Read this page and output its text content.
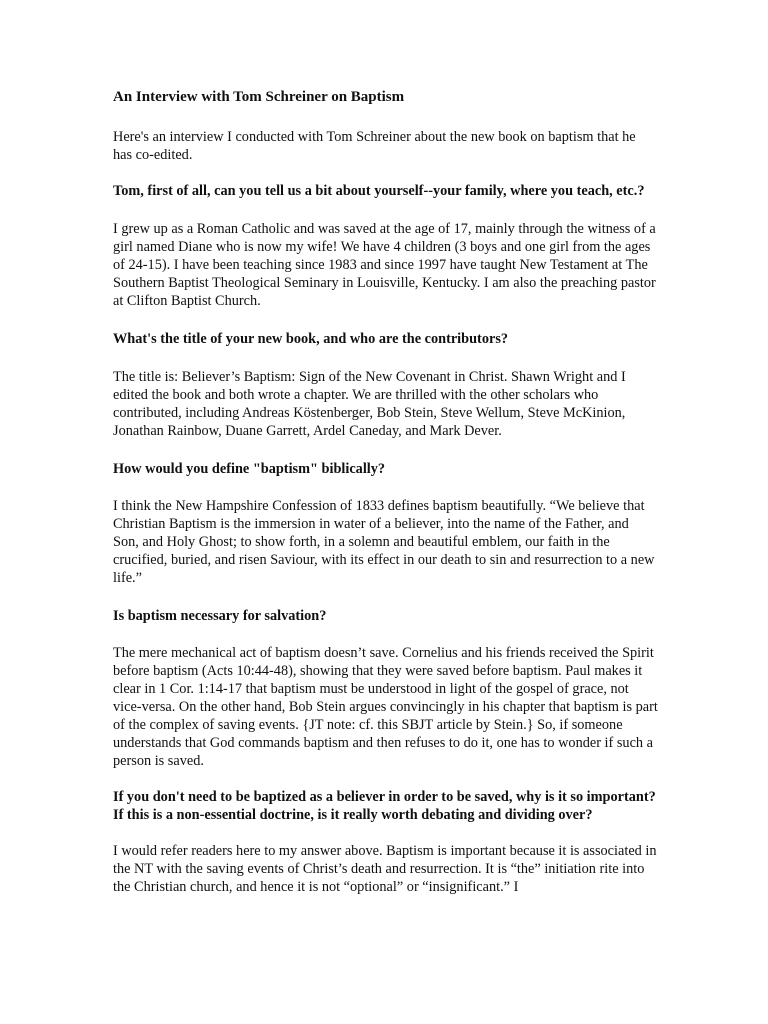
An Interview with Tom Schreiner on Baptism

Here's an interview I conducted with Tom Schreiner about the new book on baptism that he has co-edited.

Tom, first of all, can you tell us a bit about yourself--your family, where you teach, etc.?

I grew up as a Roman Catholic and was saved at the age of 17, mainly through the witness of a girl named Diane who is now my wife! We have 4 children (3 boys and one girl from the ages of 24-15). I have been teaching since 1983 and since 1997 have taught New Testament at The Southern Baptist Theological Seminary in Louisville, Kentucky. I am also the preaching pastor at Clifton Baptist Church.

What's the title of your new book, and who are the contributors?

The title is: Believer’s Baptism: Sign of the New Covenant in Christ. Shawn Wright and I edited the book and both wrote a chapter. We are thrilled with the other scholars who contributed, including Andreas Köstenberger, Bob Stein, Steve Wellum, Steve McKinion, Jonathan Rainbow, Duane Garrett, Ardel Caneday, and Mark Dever.

How would you define "baptism" biblically?

I think the New Hampshire Confession of 1833 defines baptism beautifully. “We believe that Christian Baptism is the immersion in water of a believer, into the name of the Father, and Son, and Holy Ghost; to show forth, in a solemn and beautiful emblem, our faith in the crucified, buried, and risen Saviour, with its effect in our death to sin and resurrection to a new life.”

Is baptism necessary for salvation?

The mere mechanical act of baptism doesn’t save. Cornelius and his friends received the Spirit before baptism (Acts 10:44-48), showing that they were saved before baptism. Paul makes it clear in 1 Cor. 1:14-17 that baptism must be understood in light of the gospel of grace, not vice-versa. On the other hand, Bob Stein argues convincingly in his chapter that baptism is part of the complex of saving events. {JT note: cf. this SBJT article by Stein.} So, if someone understands that God commands baptism and then refuses to do it, one has to wonder if such a person is saved.

If you don't need to be baptized as a believer in order to be saved, why is it so important? If this is a non-essential doctrine, is it really worth debating and dividing over?

I would refer readers here to my answer above. Baptism is important because it is associated in the NT with the saving events of Christ’s death and resurrection. It is “the” initiation rite into the Christian church, and hence it is not “optional” or “insignificant.” I
